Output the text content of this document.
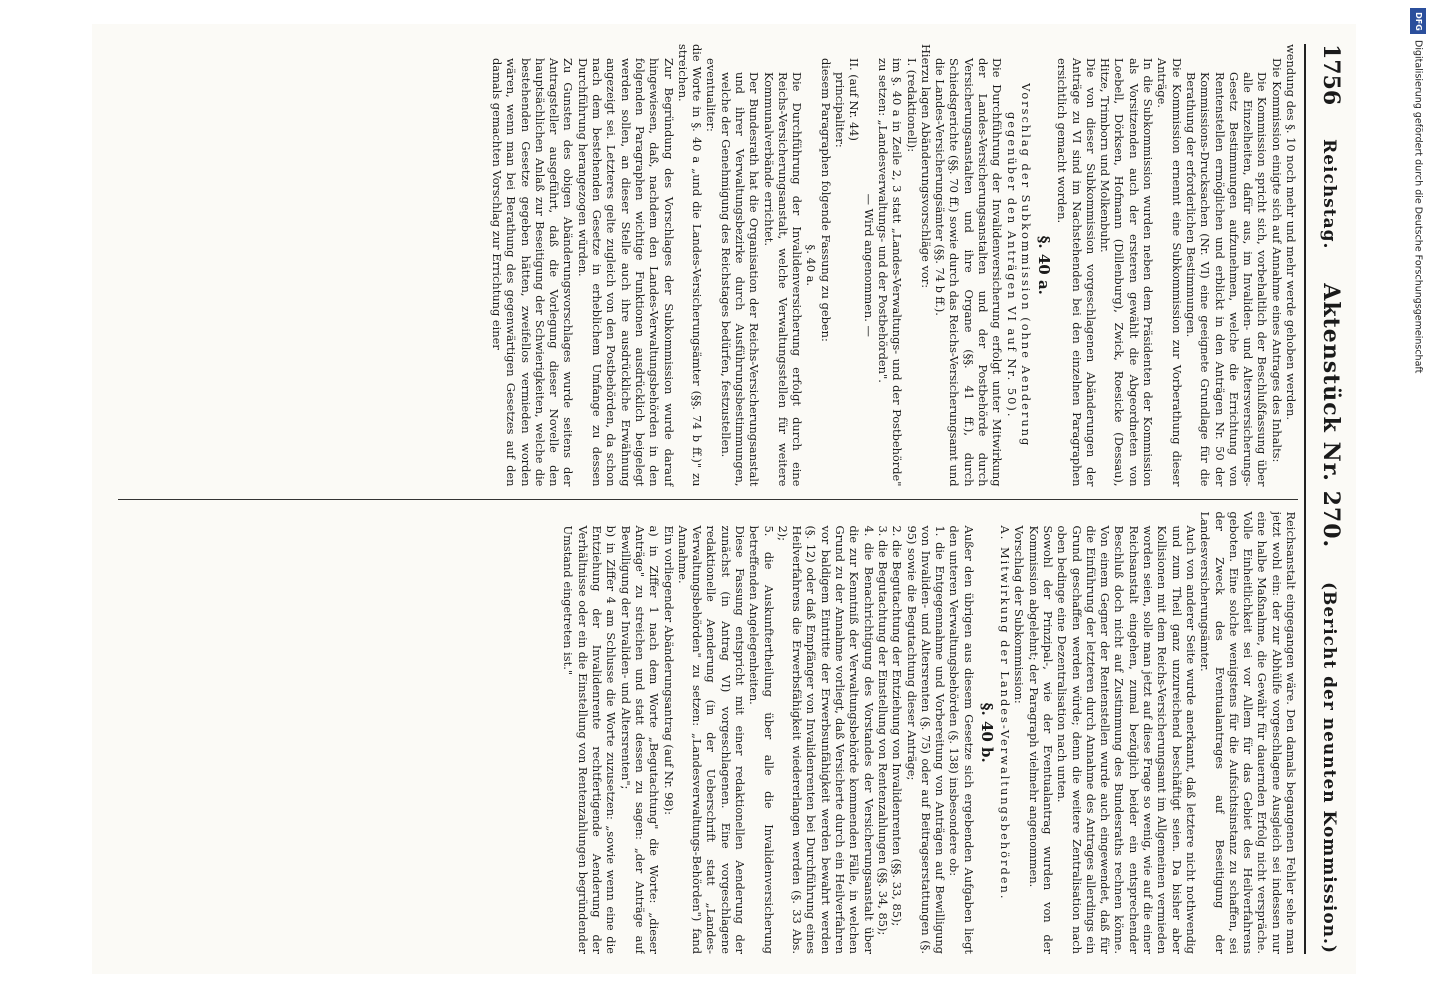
1756
Reichstag.
Aktenstück Nr. 270.
(Bericht der neunten Kommission.)

wendung des §. 10 noch mehr und mehr werde gehoben werden.

Die Kommission einigte sich auf Annahme eines Antrages des Inhalts:

Die Kommission spricht sich, vorbehaltlich der Beschlußfassung über alle Einzelheiten, dafür aus, im Invaliden- und Altersversicherungs-Gesetz Bestimmungen aufzunehmen, welche die Errichtung von Rentenstellen ermöglichen und erblickt in den Anträgen Nr. 50 der Kommissions-Drucksachen (Nr. VI) eine geeignete Grundlage für die Berathung der erforderlichen Bestimmungen.

Die Kommission ernennt eine Subkommission zur Vorberathung dieser Anträge.

In die Subkommission wurden neben dem Präsidenten der Kommission als Vorsitzenden auch der ersteren gewählt die Abgeordneten von Loebell, Dörksen, Hofmann (Dillenburg), Zwick, Roesicke (Dessau), Hitze, Trimborn und Molkenbuhr.

Die von dieser Subkommission vorgeschlagenen Abänderungen der Anträge zu VI sind im Nachstehenden bei den einzelnen Paragraphen ersichtlich gemacht worden.

§. 40 a.

Vorschlag der Subkommission (ohne Aenderung gegenüber den Anträgen VI auf Nr. 50).

Die Durchführung der Invalidenversicherung erfolgt unter Mitwirkung der Landes-Versicherungsanstalten und der Postbehörde durch Versicherungsanstalten und ihre Organe (§§. 41 ff.), durch Schiedsgerichte (§§. 70 ff.) sowie durch das Reichs-Versicherungsamt und die Landes-Versicherungsämter (§§. 74 b ff.).

Hierzu lagen Abänderungsvorschläge vor:

I. (redaktionell):

im §. 40 a in Zeile 2, 3 statt „Landes-Verwaltungs- und der Postbehörde" zu setzen: „Landesverwaltungs- und der Postbehörden".

— Wird angenommen. —

II. (auf Nr. 44)

principaliter:

diesem Paragraphen folgende Fassung zu geben:

§. 40 a.

Die Durchführung der Invalidenversicherung erfolgt durch eine Reichs-Versicherungsanstalt, welche Verwaltungsstellen für weitere Kommunalverbände errichtet.

Der Bundesrath hat die Organisation der Reichs-Versicherungsanstalt und ihrer Verwaltungsbezirke durch Ausführungsbestimmungen, welche der Genehmigung des Reichstages bedürfen, festzustellen.

eventualiter:

die Worte in §. 40 a „und die Landes-Versicherungsämter (§§. 74 b ff.)" zu streichen.

Zur Begründung des Vorschlages der Subkommission wurde darauf hingewiesen, daß, nachdem den Landes-Verwaltungsbehörden in den folgenden Paragraphen wichtige Funktionen ausdrücklich beigelegt werden sollen, an dieser Stelle auch ihre ausdrückliche Erwähnung angezeigt sei. Letzteres gelte zugleich von den Postbehörden, da schon nach dem bestehenden Gesetze in erheblichem Umfange zu dessen Durchführung herangezogen würden.

Zu Gunsten des obigen Abänderungsvorschlages wurde seitens der Antragsteller ausgeführt, daß die Vorlegung dieser Novelle den hauptsächlichen Anlaß zur Beseitigung der Schwierigkeiten, welche die bestehenden Gesetze gegeben hätten, zweifellos vermieden worden wären, wenn man bei Berathung des gegenwärtigen Gesetzes auf den damals gemachten Vorschlag zur Errichtung einer

Reichsanstalt eingegangen wäre. Den damals begangenen Fehler sehe man jetzt wohl ein: der zur Abhülfe vorgeschlagene Ausgleich sei indessen nur eine halbe Maßnahme, die Gewähr für dauernden Erfolg nicht verspräche. Volle Einheitlichkeit sei vor Allem für das Gebiet des Heilverfahrens geboten. Eine solche wenigstens für die Aufsichtsinstanz zu schaffen, sei der Zweck des Eventualantrages auf Beseitigung der Landesversicherungsämter.

Auch von anderer Seite wurde anerkannt, daß letztere nicht nothwendig und zum Theil ganz unzureichend beschäftigt seien. Da bisher aber Kollisionen mit dem Reichs-Versicherungsamt im Allgemeinen vermieden worden seien, solle man jetzt auf diese Frage so wenig, wie auf die einer Reichsanstalt eingehen, zumal bezüglich beider ein entsprechender Beschluß doch nicht auf Zustimmung des Bundesraths rechnen könne. Von einem Gegner der Rentenstellen wurde auch eingewendet, daß für die Einführung der letzteren durch Annahme des Antrages allerdings ein Grund geschaffen werden würde; denn die weitere Zentralisation nach oben bedinge eine Dezentralisation nach unten.

Sowohl der Prinzipal-, wie der Eventualantrag wurden von der Kommission abgelehnt; der Paragraph vielmehr angenommen.

Vorschlag der Subkommission:

A. Mitwirkung der Landes-Verwaltungsbehörden.

§. 40 b.

Außer den übrigen aus diesem Gesetze sich ergebenden Aufgaben liegt den unteren Verwaltungsbehörden (§. 138) insbesondere ob:

1. die Entgegennahme und Vorbereitung von Anträgen auf Bewilligung von Invaliden- und Altersrenten (§. 75) oder auf Beitragserstattungen (§. 95) sowie die Begutachtung dieser Anträge;

2. die Begutachtung der Entziehung von Invalidenrenten (§§. 33, 85);

3. die Begutachtung der Einstellung von Rentenzahlungen (§§. 34, 85);

4. die Benachrichtigung des Vorstandes der Versicherungsanstalt über die zur Kenntniß der Verwaltungsbehörde kommenden Fälle, in welchen Grund zu der Annahme vorliegt, daß Versicherte durch ein Heilverfahren vor baldigem Eintritte der Erwerbsunfähigkeit werden bewahrt werden (§. 12) oder daß Empfänger von Invalidenrenten bei Durchführung eines Heilverfahrens die Erwerbsfähigkeit wiedererlangen werden (§. 33 Abs. 2);

5. die Auskunftertheilung über alle die Invalidenversicherung betreffenden Angelegenheiten.

Diese Fassung entspricht mit einer redaktionellen Aenderung der zunächst (in Antrag VI) vorgeschlagenen. Eine vorgeschlagene redaktionelle Aenderung (in der Ueberschrift statt „Landes-Verwaltungsbehörden" zu setzen: „Landesverwaltungs-Behörden") fand Annahme.

Ein vorliegender Abänderungsantrag (auf Nr. 98):

a) in Ziffer 1 nach dem Worte „Begutachtung" die Worte: „dieser Anträge" zu streichen und statt dessen zu sagen: „der Anträge auf Bewilligung der Invaliden- und Altersrenten";

b) in Ziffer 4 am Schlusse die Worte zuzusetzen: „sowie wenn eine die Entziehung der Invalidenrente rechtfertigende Aenderung der Verhältnisse oder ein die Einstellung von Rentenzahlungen begründender Umstand eingetreten ist."

DFG
Digitalisierung gefördert durch die Deutsche Forschungsgemeinschaft
